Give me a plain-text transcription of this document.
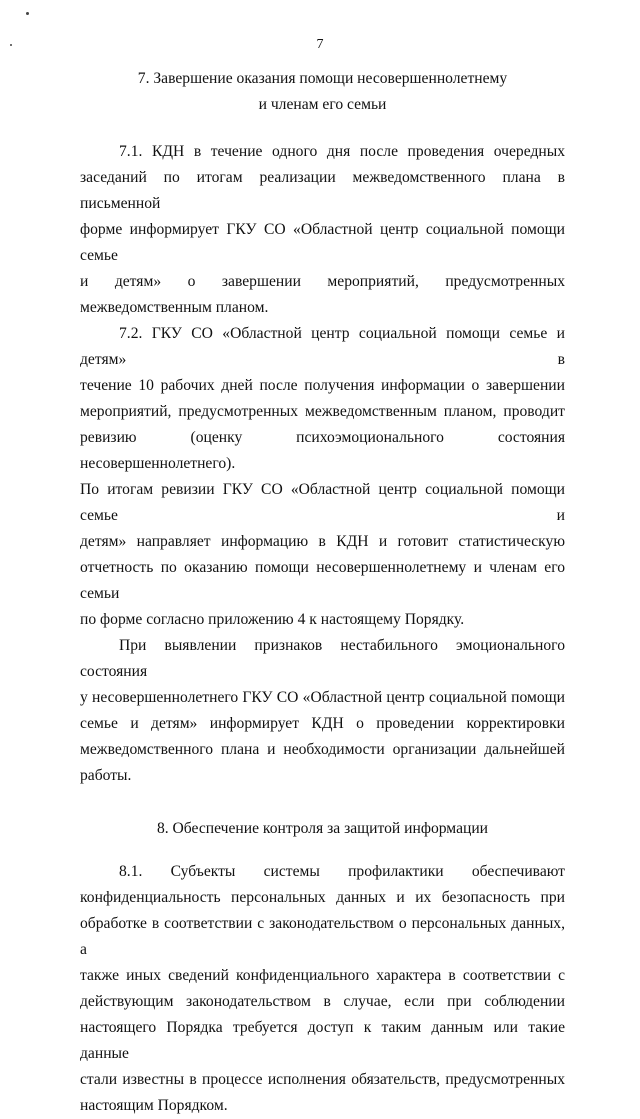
7
7. Завершение оказания помощи несовершеннолетнему
и членам его семьи
7.1. КДН в течение одного дня после проведения очередных
заседаний по итогам реализации межведомственного плана в письменной
форме информирует ГКУ СО «Областной центр социальной помощи семье
и детям» о завершении мероприятий, предусмотренных
межведомственным планом.
7.2. ГКУ СО «Областной центр социальной помощи семье и детям» в
течение 10 рабочих дней после получения информации о завершении
мероприятий, предусмотренных межведомственным планом, проводит
ревизию (оценку психоэмоционального состояния несовершеннолетнего).
По итогам ревизии ГКУ СО «Областной центр социальной помощи семье и
детям» направляет информацию в КДН и готовит статистическую
отчетность по оказанию помощи несовершеннолетнему и членам его семьи
по форме согласно приложению 4 к настоящему Порядку.
При выявлении признаков нестабильного эмоционального состояния
у несовершеннолетнего ГКУ СО «Областной центр социальной помощи
семье и детям» информирует КДН о проведении корректировки
межведомственного плана и необходимости организации дальнейшей
работы.
8. Обеспечение контроля за защитой информации
8.1. Субъекты системы профилактики обеспечивают
конфиденциальность персональных данных и их безопасность при
обработке в соответствии с законодательством о персональных данных, а
также иных сведений конфиденциального характера в соответствии с
действующим законодательством в случае, если при соблюдении
настоящего Порядка требуется доступ к таким данным или такие данные
стали известны в процессе исполнения обязательств, предусмотренных
настоящим Порядком.
